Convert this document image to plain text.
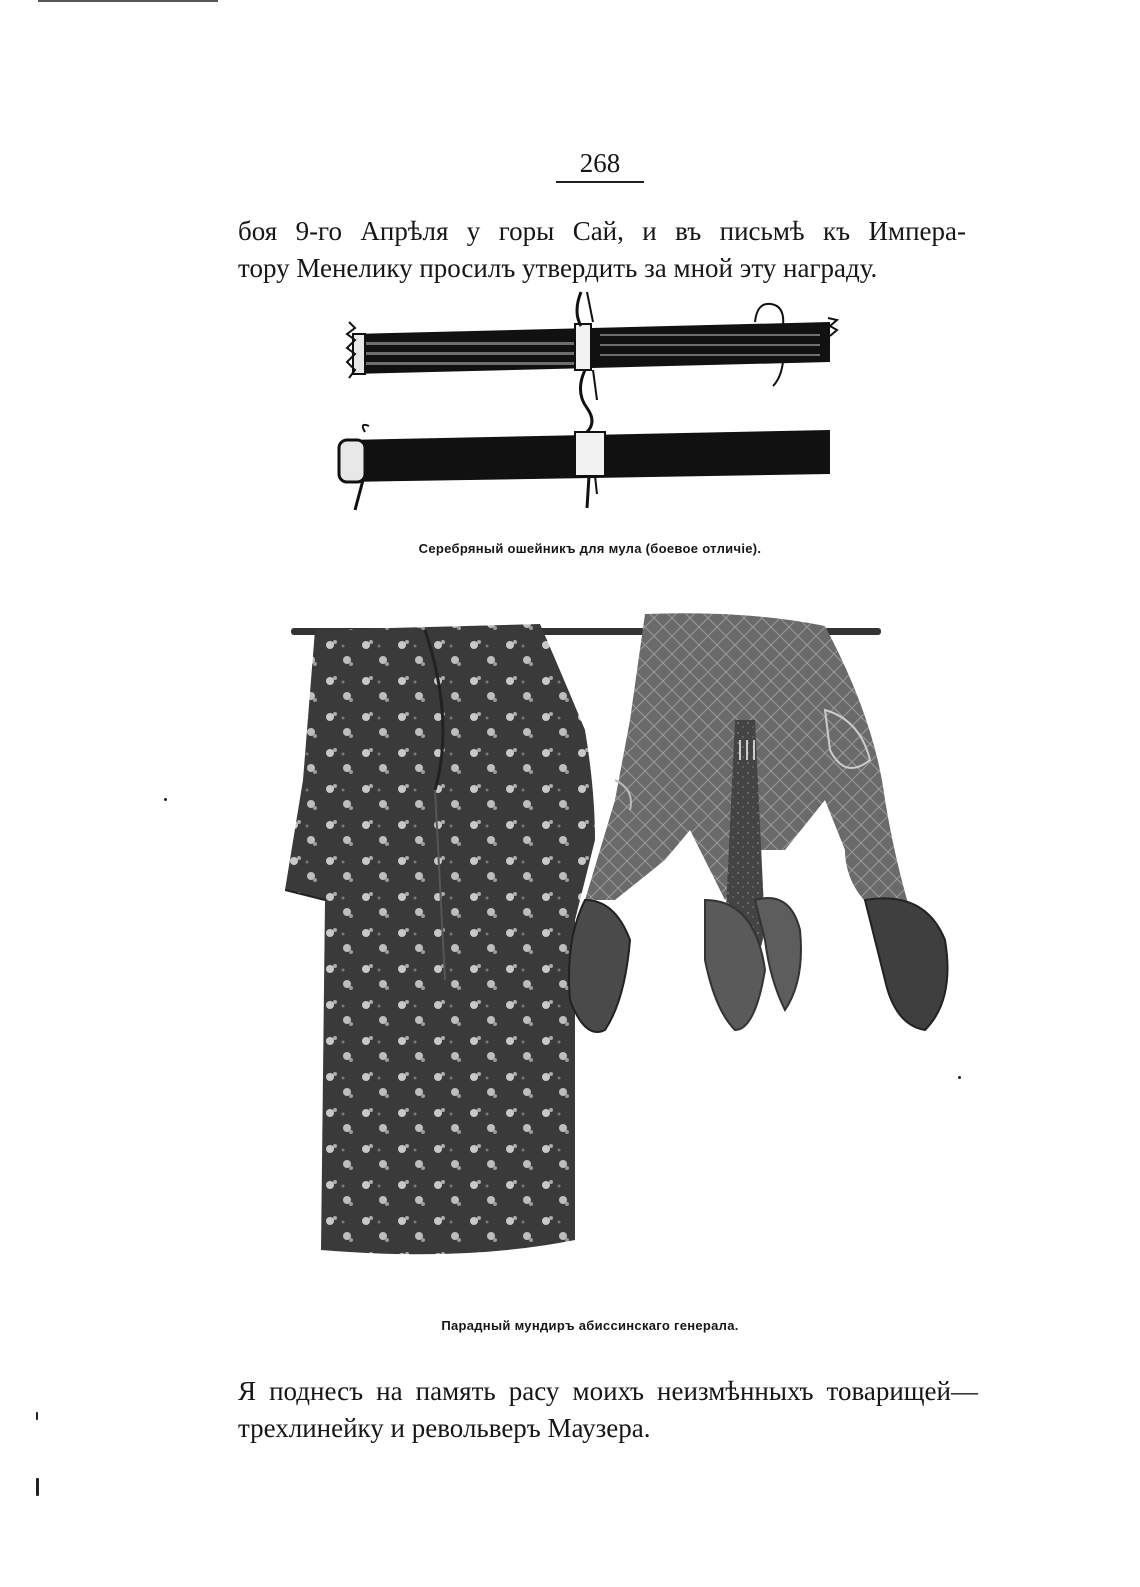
268

боя 9-го Апрѣля у горы Сай, и въ письмѣ къ Импера-
тору Менелику просилъ утвердить за мной эту награду.

Серебряный ошейникъ для мула (боевое отличіе).
Парадный мундиръ абиссинскаго генерала.

Я поднесъ на память расу моихъ неизмѣнныхъ товарищей—
трехлинейку и револьверъ Маузера.
